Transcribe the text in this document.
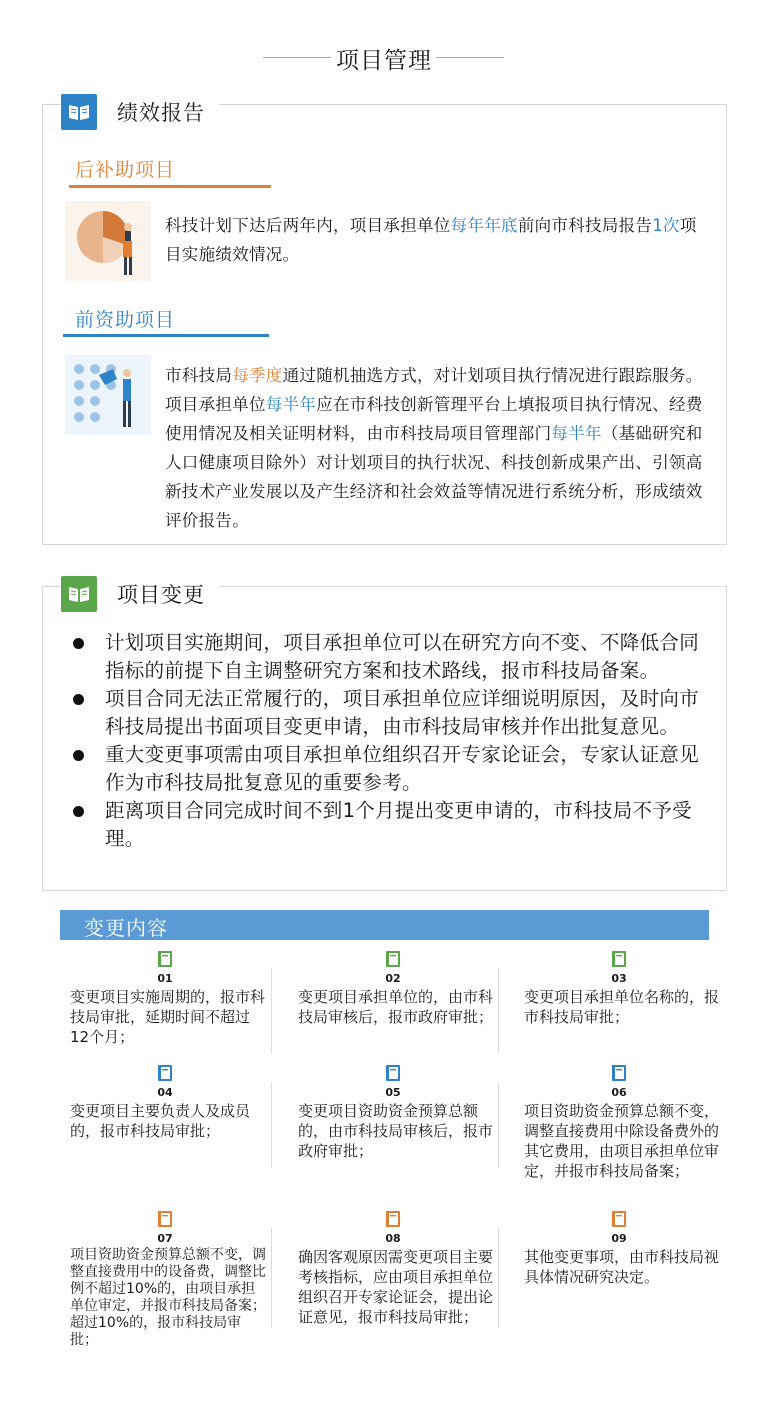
项目管理
绩效报告
后补助项目
科技计划下达后两年内，项目承担单位每年年底前向市科技局报告1次项目实施绩效情况。
前资助项目
市科技局每季度通过随机抽选方式，对计划项目执行情况进行跟踪服务。 项目承担单位每半年应在市科技创新管理平台上填报项目执行情况、经费使用情况及相关证明材料，由市科技局项目管理部门每半年（基础研究和人口健康项目除外）对计划项目的执行状况、科技创新成果产出、引领高新技术产业发展以及产生经济和社会效益等情况进行系统分析，形成绩效评价报告。
项目变更
计划项目实施期间，项目承担单位可以在研究方向不变、不降低合同指标的前提下自主调整研究方案和技术路线，报市科技局备案。
项目合同无法正常履行的，项目承担单位应详细说明原因，及时向市科技局提出书面项目变更申请，由市科技局审核并作出批复意见。
重大变更事项需由项目承担单位组织召开专家论证会，专家认证意见作为市科技局批复意见的重要参考。
距离项目合同完成时间不到1个月提出变更申请的，市科技局不予受理。
变更内容
01
变更项目实施周期的，报市科技局审批，延期时间不超过12个月；
02
变更项目承担单位的，由市科技局审核后，报市政府审批；
03
变更项目承担单位名称的，报市科技局审批；
04
变更项目主要负责人及成员的，报市科技局审批；
05
变更项目资助资金预算总额的，由市科技局审核后，报市政府审批；
06
项目资助资金预算总额不变，调整直接费用中除设备费外的其它费用，由项目承担单位审定，并报市科技局备案；
07
项目资助资金预算总额不变，调整直接费用中的设备费，调整比例不超过10%的，由项目承担单位审定，并报市科技局备案；超过10%的，报市科技局审批；
08
确因客观原因需变更项目主要考核指标，应由项目承担单位组织召开专家论证会，提出论证意见，报市科技局审批；
09
其他变更事项，由市科技局视具体情况研究决定。
